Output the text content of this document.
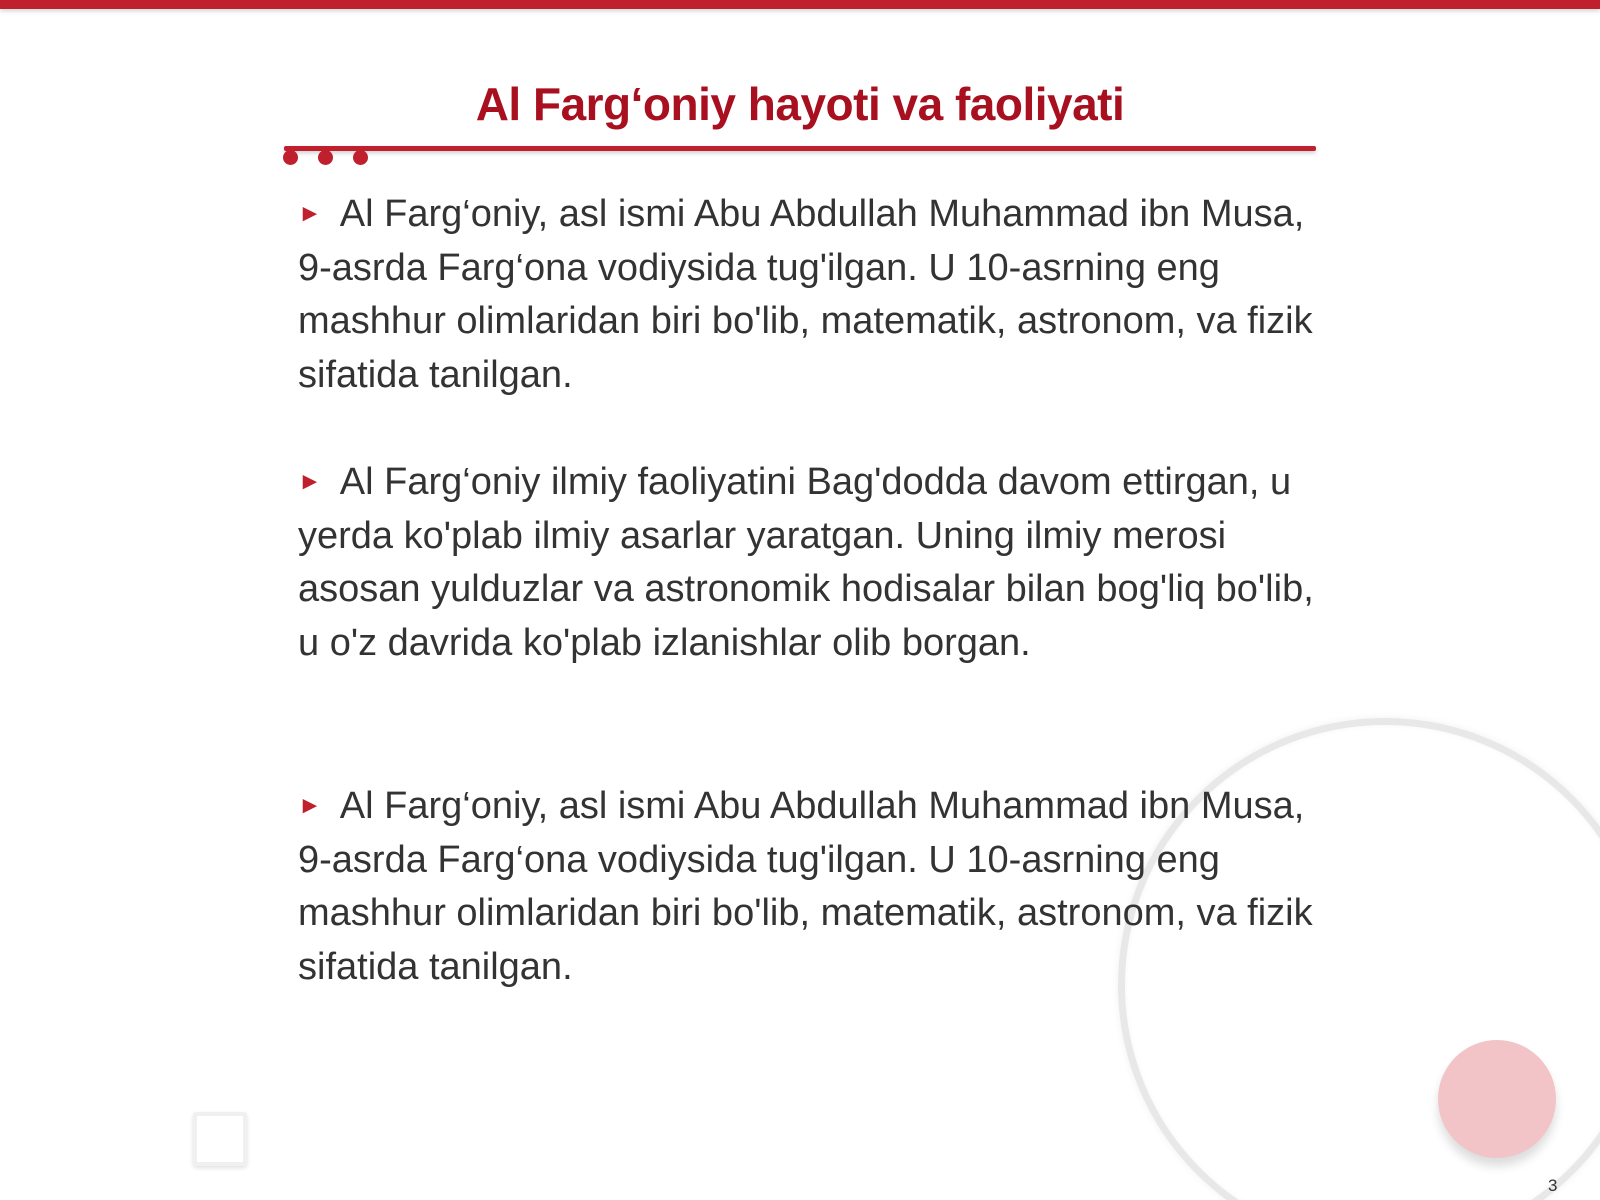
Al Farg‘oniy hayoti va faoliyati
► Al Farg‘oniy, asl ismi Abu Abdullah Muhammad ibn Musa, 9-asrda Farg‘ona vodiysida tug'ilgan. U 10-asrning eng mashhur olimlaridan biri bo'lib, matematik, astronom, va fizik sifatida tanilgan.
► Al Farg‘oniy ilmiy faoliyatini Bag'dodda davom ettirgan, u yerda ko'plab ilmiy asarlar yaratgan. Uning ilmiy merosi asosan yulduzlar va astronomik hodisalar bilan bog'liq bo'lib, u o'z davrida ko'plab izlanishlar olib borgan.
► Al Farg‘oniy, asl ismi Abu Abdullah Muhammad ibn Musa, 9-asrda Farg‘ona vodiysida tug'ilgan. U 10-asrning eng mashhur olimlaridan biri bo'lib, matematik, astronom, va fizik sifatida tanilgan.
3
